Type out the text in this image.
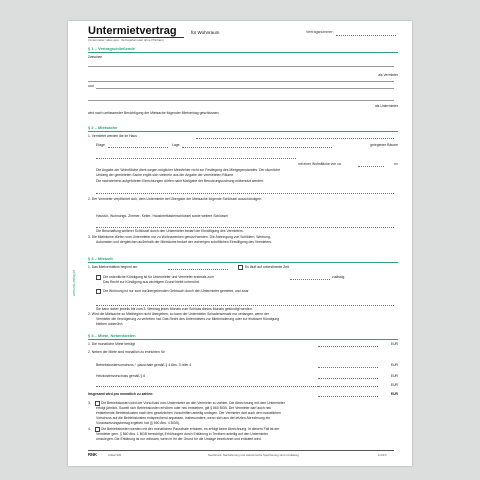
Untermietvertrag	für Wohnraum	Vertragsnummer:
(Untermieter: alles gem. Vertragsformular ohne Pflichten)
§ 1 – Vertragschließende
Zwischen
als Vermieter
und
als Untermieter
wird nach umfassender Besichtigung der Mietsache folgender Mietvertrag geschlossen:
§ 2 – Mietsache
1. Vermietet werden die im Haus
Etage	Lage	gelegenen Räume
mit einer Wohnfläche von ca.	m²
Die Angabe der Wohnfläche dient wegen möglicher Messfehler nicht zur Festlegung des Mietgegenstandes. Der räumliche
Umfang der gemieteten Sache ergibt sich vielmehr aus der Angabe der vermieteten Räume.
Die nachstehend aufgeführten Einrichtungen dürfen nach Maßgabe der Benutzungsordnung mitbenutzt werden:
2. Der Vermieter verpflichtet sich, dem Untermieter bei Übergabe der Mietsache folgende Schlüssel auszuhändigen:
Haustür- Wohnungs- Zimmer- Keller- Hausbriefkastenschlüssel sowie weitere Schlüssel
Die Beschaffung weiterer Schlüssel durch den Untermieter bedarf der Einwilligung des Vermieters.
3. Die Mieträume dürfen vom Untermieter nur zu Wohnzwecken genutzt werden. Die Anbringung von Schildern, Werbung,
Automaten und dergleichen außerhalb der Mieträume bedarf der vorherigen schriftlichen Einwilligung des Vermieters.
§ 3 – Mietzeit
1. Das Mietverhältnis beginnt am	Es läuft auf unbestimmte Zeit.
Die ordentliche Kündigung ist für Untermieter und Vermieter erstmals zum	zulässig.
Das Recht zur Kündigung aus wichtigem Grund bleibt unberührt.
Die Wohnung ist nur zum vorübergehenden Gebrauch durch den Untermieter gemietet, und zwar
Sie kann daher jeweils bis zum 3. Werktag jedes Monats zum Schluss dieses Monats gekündigt werden.
2. Wird die Mietsache zu Mietbeginn nicht übergeben, so kann der Untermieter Schadensersatz nur verlangen, wenn der
Vermieter die Verzögerung zu vertreten hat. Das Recht des Untermieters zur Mietminderung oder zur fristlosen Kündigung
bleiben unberührt.
§ 4 – Miete, Nebenkosten
1. Die monatliche Miete beträgt	EUR
2. Neben der Miete sind monatlich zu entrichten für
Betriebskostenvorschuss / -pauschale gemäß § 4 Abs. 3 oder 4	EUR
Heizkostenvorschuss gemäß § 6	EUR
EUR
Insgesamt wird pro monatlich zu zahlen:	EUR
3.	Die Betriebskosten wird der Vorschuss vom Untermieter an den Vermieter zu zahlen. Die Abrechnung mit dem Untermieter
erfolgt jährlich. Soweit sich Betriebskosten erhöhen oder neu entstehen, gilt § 560 BGB. Der Vermieter darf auch neu
entstehende Betriebskosten nach den gesetzlichen Vorschriften anteilig umlegen. Der Vermieter darf auch den monatlichen
Vorschuss auf die Betriebskosten entsprechend anpassen, insbesondere, wenn sich aus der letzten Abrechnung ein
Voraussetzungsbetrag ergeben hat (§ 560 Abs. 4 BGB).
4.	Die Betriebskosten werden mit der monatlichen Pauschale erhoben, es erfolgt keine Abrechnung. In diesem Fall ist der
Vermieter gem. § 560 Abs. 1 BGB berechtigt, Erhöhungen durch Erklärung in Textform anteilig auf den Untermieter
umzulegen. Die Erklärung ist nur wirksam, wenn in ihr der Grund für die Umlage bezeichnet und erläutert wird.
www.rnk-verlag.de
RNK	Artikel 520	Nachdruck, Nachahmung und elektronische Speicherung sind unzulässig	1/2/2/3
